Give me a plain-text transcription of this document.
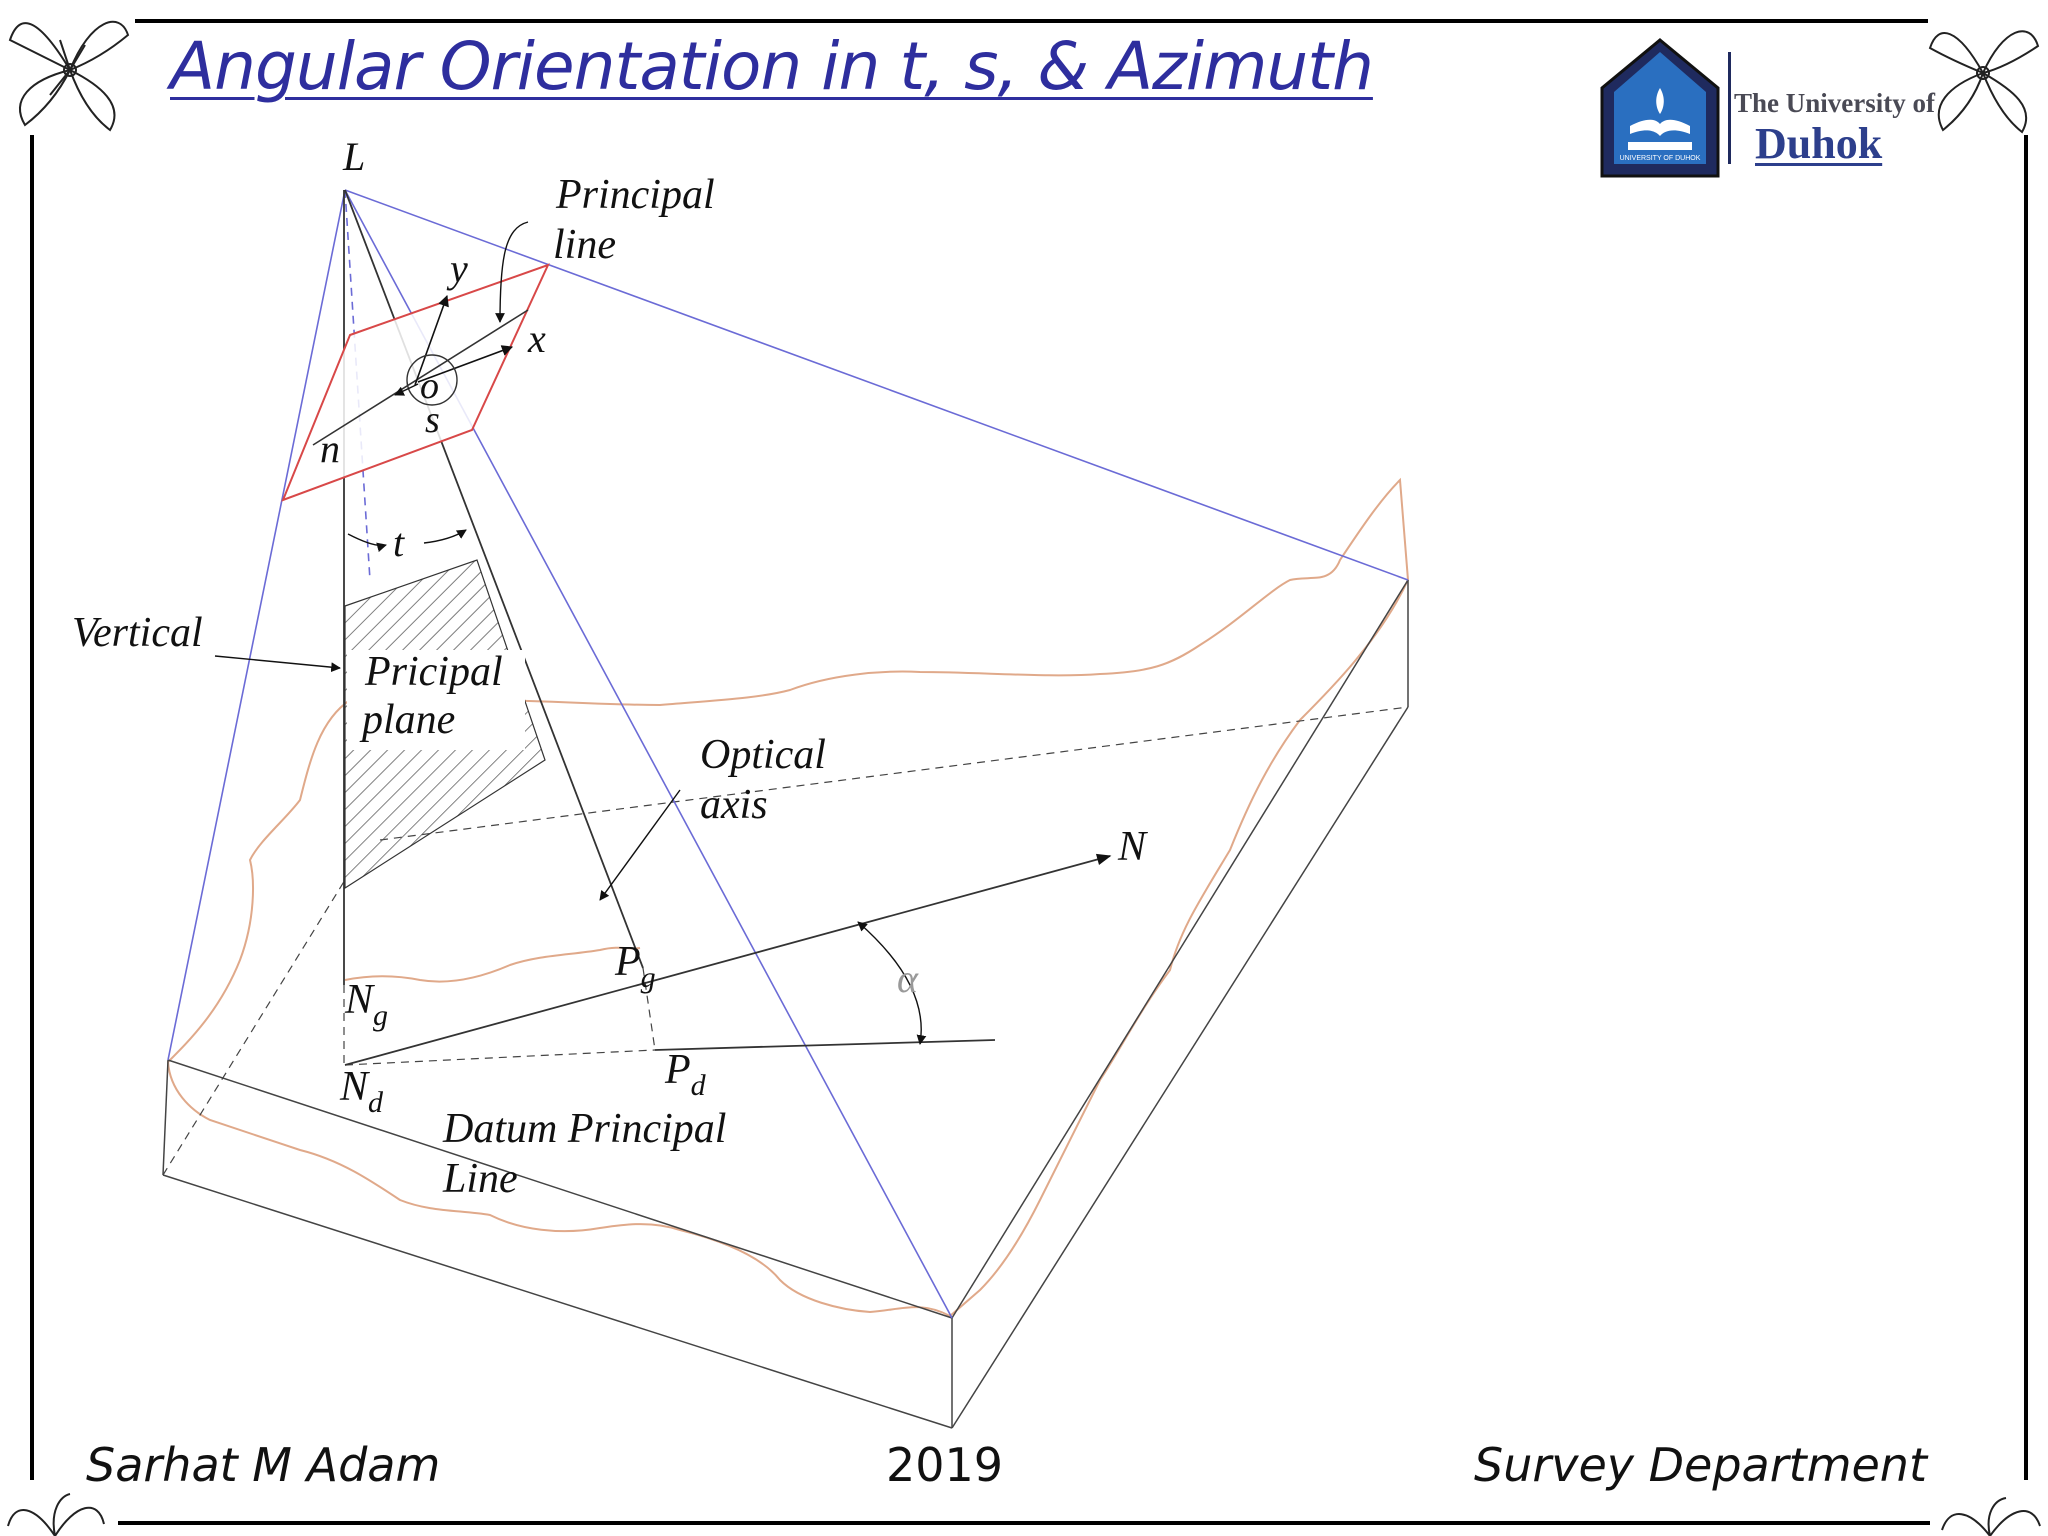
Angular Orientation in t, s, & Azimuth
UNIVERSITY OF DUHOK
The University of
Duhok
L
Principal
line
y
x
o
s
n
t
Vertical
Pricipal
plane
Optical
axis
N
$P_g$
$N_g$
$N_d$
$P_d$
α
Datum Principal
Line
Sarhat M Adam	2019	Survey Department
